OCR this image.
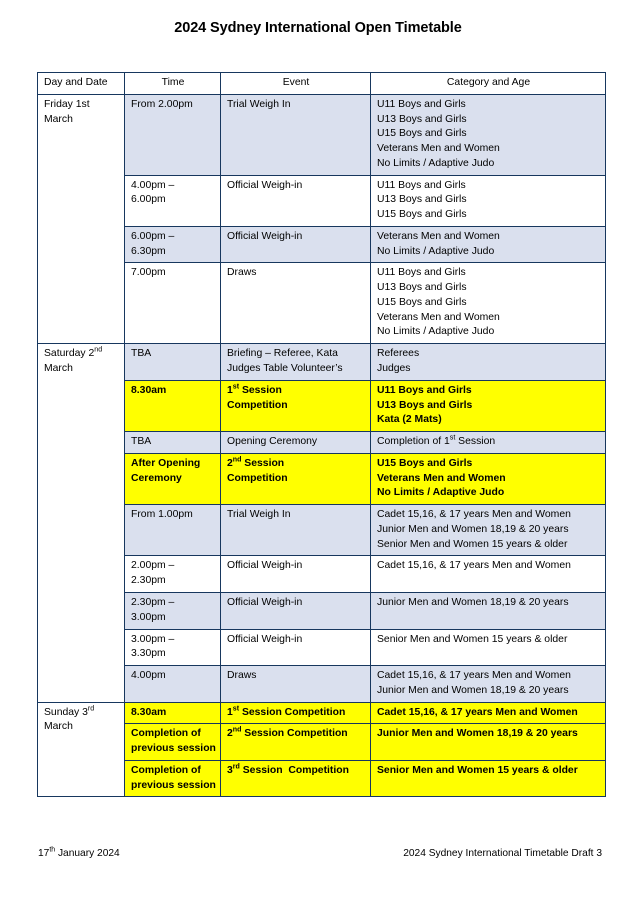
2024 Sydney International Open Timetable
Day and Date	Time	Event	Category and Age

Friday 1st
March	From 2.00pm	Trial Weigh In	U11 Boys and Girls
U13 Boys and Girls
U15 Boys and Girls
Veterans Men and Women
No Limits / Adaptive Judo

	4.00pm –
6.00pm	Official Weigh-in	U11 Boys and Girls
U13 Boys and Girls
U15 Boys and Girls

	6.00pm –
6.30pm	Official Weigh-in	Veterans Men and Women
No Limits / Adaptive Judo

	7.00pm	Draws	U11 Boys and Girls
U13 Boys and Girls
U15 Boys and Girls
Veterans Men and Women
No Limits / Adaptive Judo

Saturday 2nd
March	TBA	Briefing – Referee, Kata
Judges Table Volunteer’s	Referees
Judges

	8.30am	1st Session
Competition	U11 Boys and Girls
U13 Boys and Girls
Kata (2 Mats)

	TBA	Opening Ceremony	Completion of 1st Session

	After Opening
Ceremony	2nd Session
Competition	U15 Boys and Girls
Veterans Men and Women
No Limits / Adaptive Judo

	From 1.00pm	Trial Weigh In	Cadet 15,16, & 17 years Men and Women
Junior Men and Women 18,19 & 20 years
Senior Men and Women 15 years & older

	2.00pm –
2.30pm	Official Weigh-in	Cadet 15,16, & 17 years Men and Women

	2.30pm –
3.00pm	Official Weigh-in	Junior Men and Women 18,19 & 20 years

	3.00pm –
3.30pm	Official Weigh-in	Senior Men and Women 15 years & older

	4.00pm	Draws	Cadet 15,16, & 17 years Men and Women
Junior Men and Women 18,19 & 20 years

Sunday 3rd
March	8.30am	1st Session Competition	Cadet 15,16, & 17 years Men and Women

	Completion of
previous session	2nd Session Competition	Junior Men and Women 18,19 & 20 years

	Completion of
previous session	3rd Session  Competition	Senior Men and Women 15 years & older
17th January 2024	2024 Sydney International Timetable Draft 3
